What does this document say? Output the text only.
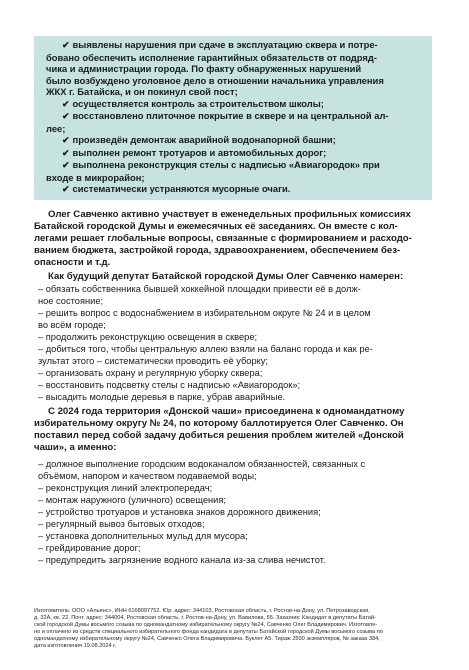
✔ выявлены нарушения при сдаче в эксплуатацию сквера и потре-
бовано обеспечить исполнение гарантийных обязательств от подряд-
чика и администрации города. По факту обнаруженных нарушений
было возбуждено уголовное дело в отношении начальника управления
ЖКХ г. Батайска, и он покинул свой пост;
✔ осуществляется контроль за строительством школы;
✔ восстановлено плиточное покрытие в сквере и на центральной ал-
лее;
✔ произведён демонтаж аварийной водонапорной башни;
✔ выполнен ремонт тротуаров и автомобильных дорог;
✔ выполнена реконструкция стелы с надписью «Авиагородок» при
входе в микрорайон;
✔ систематически устраняются мусорные очаги.
Олег Савченко активно участвует в еженедельных профильных комиссиях
Батайской городской Думы и ежемесячных её заседаниях. Он вместе с кол-
легами решает глобальные вопросы, связанные с формированием и расходо-
ванием бюджета, застройкой города, здравоохранением, обеспечением без-
опасности и т.д.
Как будущий депутат Батайской городской Думы Олег Савченко намерен:
– обязать собственника бывшей хоккейной площадки привести её в долж-
ное состояние;
– решить вопрос с водоснабжением в избирательном округе № 24 и в целом
во всём городе;
– продолжить реконструкцию освещения в сквере;
– добиться того, чтобы центральную аллею взяли на баланс города и как ре-
зультат этого – систематически проводить её уборку;
– организовать охрану и регулярную уборку сквера;
– восстановить подсветку стелы с надписью «Авиагородок»;
– высадить молодые деревья в парке, убрав аварийные.
С 2024 года территория «Донской чаши» присоединена к одномандатному
избирательному округу № 24, по которому баллотируется Олег Савченко. Он
поставил перед собой задачу добиться решения проблем жителей «Донской
чаши», а именно:
– должное выполнение городским водоканалом обязанностей, связанных с
объёмом, напором и качеством подаваемой воды;
– реконструкция линий электропередач;
– монтаж наружного (уличного) освещения;
– устройство тротуаров и установка знаков дорожного движения;
– регулярный вывоз бытовых отходов;
– установка дополнительных мульд для мусора;
– грейдирование дорог;
– предупредить загрязнение водного канала из-за слива нечистот.
Изготовитель: ООО «Альянс», ИНН 6168097752. Юр. адрес: 344103, Ростовская область, г. Ростов-на-Дону, ул. Петрозаводская,
д. 32А, кв. 22. Почт. адрес: 344004, Ростовская область, г. Ростов-на-Дону, ул. Вавилова, 55. Заказчик: Кандидат в депутаты Батай-
ской городской Думы восьмого созыва по одномандатному избирательному округу №24, Савченко Олег Владимирович. Изготовле-
но и оплачено из средств специального избирательного фонда кандидата в депутаты Батайской городской Думы восьмого созыва по
одномандатному избирательному округу №24, Савченко Олега Владимировича. Буклет А5. Тираж 2500 экземпляров, № заказа 384,
дата изготовления 19.08.2024 г.
